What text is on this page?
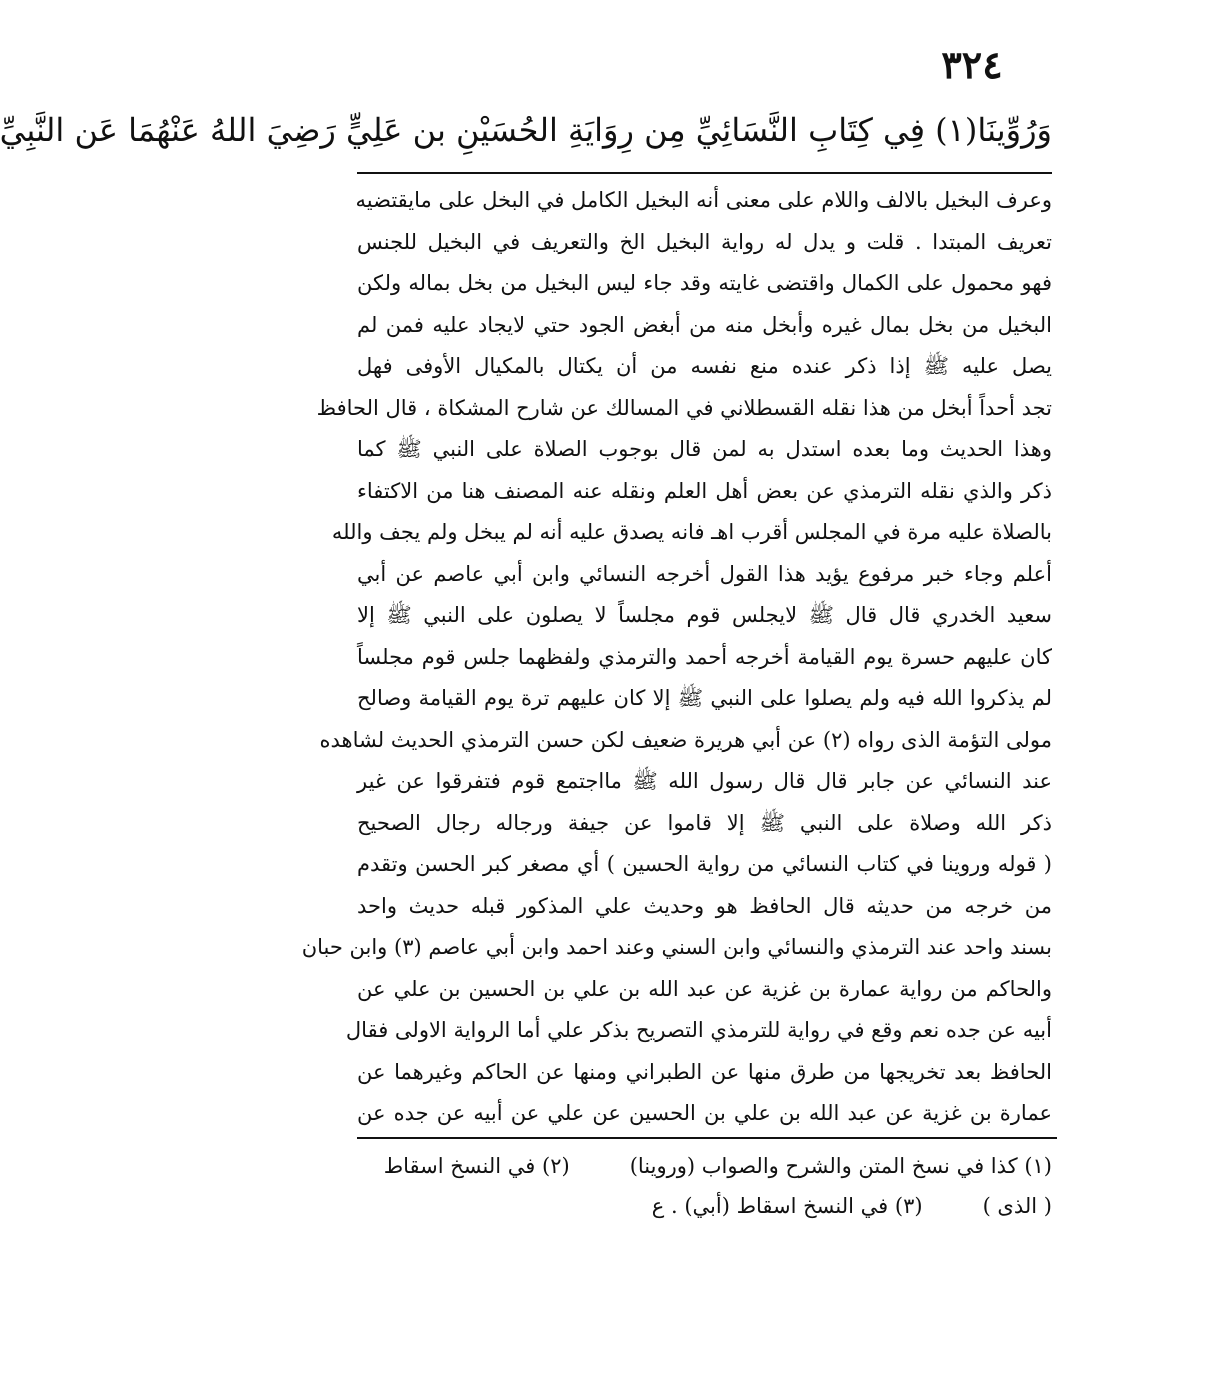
٣٢٤
وَرُوِّينَا(١) فِي كِتَابِ النَّسَائِيِّ مِن رِوَايَةِ الحُسَيْنِ بن عَلِيٍّ رَضِيَ اللهُ عَنْهُمَا عَن النَّبِيِّ
وعرف البخيل بالالف واللام على معنى أنه البخيل الكامل في البخل على مايقتضيه
تعريف المبتدا . قلت و يدل له رواية البخيل الخ والتعريف في البخيل للجنس
فهو محمول على الكمال واقتضى غايته وقد جاء ليس البخيل من بخل بماله ولكن
البخيل من بخل بمال غيره وأبخل منه من أبغض الجود حتي لايجاد عليه فمن لم
يصل عليه ﷺ إذا ذكر عنده منع نفسه من أن يكتال بالمكيال الأوفى فهل
تجد أحداً أبخل من هذا نقله القسطلاني في المسالك عن شارح المشكاة ، قال الحافظ
وهذا الحديث وما بعده استدل به لمن قال بوجوب الصلاة على النبي ﷺ كما
ذكر والذي نقله الترمذي عن بعض أهل العلم ونقله عنه المصنف هنا من الاكتفاء
بالصلاة عليه مرة في المجلس أقرب اهـ فانه يصدق عليه أنه لم يبخل ولم يجف والله
أعلم وجاء خبر مرفوع يؤيد هذا القول أخرجه النسائي وابن أبي عاصم عن أبي
سعيد الخدري قال قال ﷺ لايجلس قوم مجلساً لا يصلون على النبي ﷺ إلا
كان عليهم حسرة يوم القيامة أخرجه أحمد والترمذي ولفظهما جلس قوم مجلساً
لم يذكروا الله فيه ولم يصلوا على النبي ﷺ إلا كان عليهم ترة يوم القيامة وصالح
مولى التؤمة الذى رواه (٢) عن أبي هريرة ضعيف لكن حسن الترمذي الحديث لشاهده
عند النسائي عن جابر قال قال رسول الله ﷺ مااجتمع قوم فتفرقوا عن غير
ذكر الله وصلاة على النبي ﷺ إلا قاموا عن جيفة ورجاله رجال الصحيح
( قوله وروينا في كتاب النسائي من رواية الحسين ) أي مصغر كبر الحسن وتقدم
من خرجه من حديثه قال الحافظ هو وحديث علي المذكور قبله حديث واحد
بسند واحد عند الترمذي والنسائي وابن السني وعند احمد وابن أبي عاصم (٣) وابن حبان
والحاكم من رواية عمارة بن غزية عن عبد الله بن علي بن الحسين بن علي عن
أبيه عن جده نعم وقع في رواية للترمذي التصريح بذكر علي أما الرواية الاولى فقال
الحافظ بعد تخريجها من طرق منها عن الطبراني ومنها عن الحاكم وغيرهما عن
عمارة بن غزية عن عبد الله بن علي بن الحسين عن علي عن أبيه عن جده عن
(١) كذا في نسخ المتن والشرح والصواب (وروينا)
(٢) في النسخ اسقاط
( الذى )
(٣) في النسخ اسقاط (أبي) . ع
